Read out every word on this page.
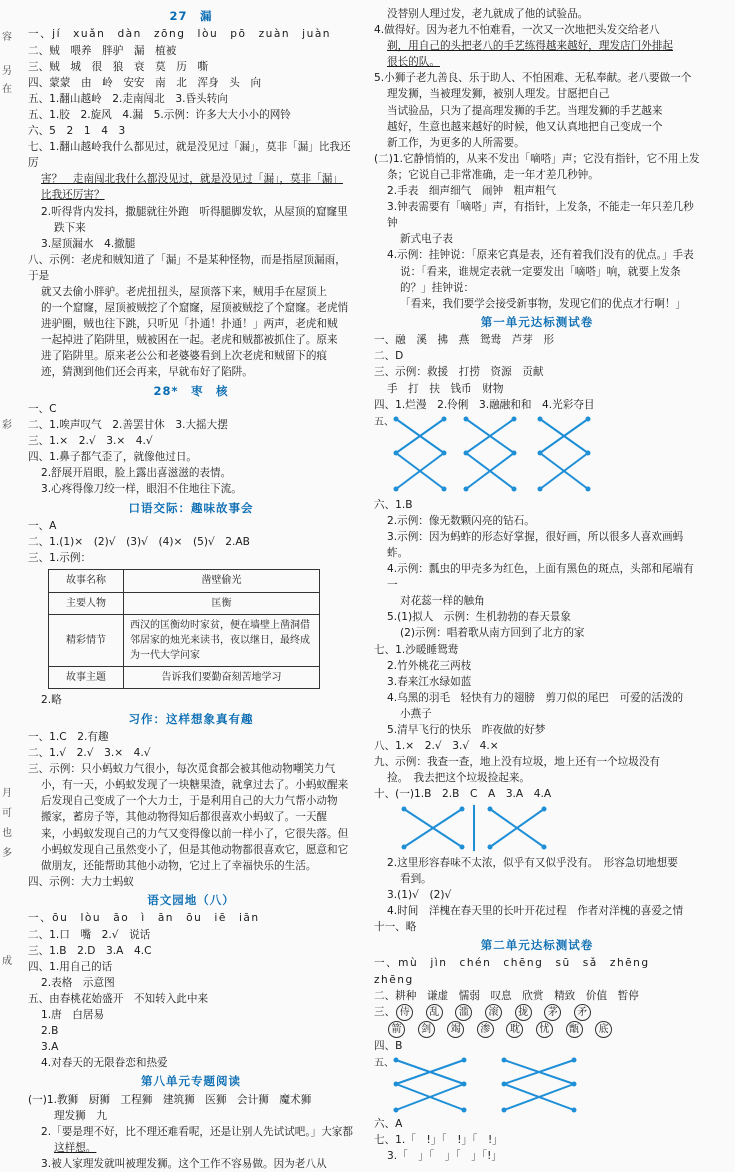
容
另
在
彩
月
可
也
多
成
27　漏
一、jí　xuǎn　dàn　zōng　lòu　pō　zuàn　juàn
二、贼　喂养　胖驴　漏　植被
三、贼　城　很　狼　衰　莫　历　嘶
四、蒙蒙　由　岭　安安　南　北　浑身　头　向
五、1.翻山越岭　2.走南闯北　3.昏头转向
五、1.胶　2.旋风　4.漏　5.示例：许多大大小小的网铃
六、5　2　1　4　3
七、1.翻山越岭我什么都见过，就是没见过「漏」，莫非「漏」比我还厉
害？　走南闯北我什么都没见过，就是没见过「漏」，莫非「漏」
比我还厉害？
2.听得背内发抖，撒腿就往外跑　听得腿脚发软，从屋顶的窟窿里
跌下来
3.屋顶漏水　4.撤腿
八、示例：老虎和贼知道了「漏」不是某种怪物，而是指屋顶漏雨，于是
就又去偷小胖驴。老虎扭扭头，屋顶落下来，贼用手在屋顶上
的一个窟窿，屋顶被贼挖了个窟窿，屋顶被贼挖了个窟窿。老虎悄
进驴圈，贼也往下跳，只听见「扑通！扑通！」两声，老虎和贼
一起掉进了陷阱里，贼被困在一起。老虎和贼都被抓住了。原来
进了陷阱里。原来老公公和老婆婆看到上次老虎和贼留下的痕
迹，猜测到他们还会再来，早就布好了陷阱。
28*　枣　核
一、C
二、1.唉声叹气　2.善罢甘休　3.大摇大摆
三、1.×　2.√　3.×　4.√
四、1.鼻子都气歪了，就像他过日。
2.舒展开眉眼，脸上露出喜滋滋的表情。
3.心疼得像刀绞一样，眼泪不住地往下流。
口语交际：趣味故事会
一、A
二、1.(1)×　(2)√　(3)√　(4)×　(5)√　2.AB
三、1.示例：
故事名称	凿壁偷光
主要人物	匡衡
精彩情节	西汉的匡衡幼时家贫，便在墙壁上凿洞借邻居家的烛光来读书，夜以继日，最终成为一代大学问家
故事主题	告诉我们要勤奋刻苦地学习
2.略
习作：这样想象真有趣
一、1.C　2.有趣
二、1.√　2.√　3.×　4.√
三、示例：只小蚂蚁力气很小，每次觅食都会被其他动物嘲笑力气
小，有一天，小蚂蚁发现了一块糖果渣，就拿过去了。小蚂蚁醒来
后发现自己变成了一个大力士，于是利用自己的大力气帮小动物
搬家，蓄房子等，其他动物得知后都很喜欢小蚂蚁了。一天醒
来，小蚂蚁发现自己的力气又变得像以前一样小了，它很失落。但
小蚂蚁发现自己虽然变小了，但是其他动物都很喜欢它，愿意和它
做朋友，还能帮助其他小动物，它过上了幸福快乐的生活。
四、示例：大力士蚂蚁
语文园地（八）
一、ōu　lòu　āo　ì　ān　ōu　iē　iān
二、1.口　嘴　2.√　说话
三、1.B　2.D　3.A　4.C
四、1.用自己的话
2.表格　示意图
五、由春桃花始盛开　不知转入此中来
1.唐　白居易
2.B
3.A
4.对春天的无限眷恋和热爱
第八单元专题阅读
(一)1.教狮　厨狮　工程狮　建筑狮　医狮　会计狮　魔术狮
理发狮　九
2.「要是理不好，比不理还难看呢，还是让别人先试试吧。」大家都
这样想。
3.被人家理发就叫被理发狮。这个工作不容易做。因为老八从
没替别人理过发，老九就成了他的试验品。
4.做得好。因为老九不怕难看，一次又一次地把头发交给老八
剃，用自己的头把老八的手艺练得越来越好，理发店门外排起
很长的队。
5.小狮子老九善良、乐于助人、不怕困难、无私奉献。老八要做一个
理发狮，当被理发狮，被别人理发。甘愿把自己
当试验品，只为了提高理发狮的手艺。当理发狮的手艺越来
越好，生意也越来越好的时候，他又认真地把自己变成一个
新工作，为更多的人所需要。
(二)1.它静悄悄的，从来不发出「嘀嗒」声；它没有指针，它不用上发
条；它说自己非常准确，走一年才差几秒钟。
2.手表　细声细气　闹钟　粗声粗气
3.钟表需要有「嘀嗒」声，有指针，上发条，不能走一年只差几秒钟
新式电子表
4.示例：挂钟说：「原来它真是表，还有着我们没有的优点。」手表
说：「看来，谁规定表就一定要发出「嘀嗒」响，就要上发条的？」挂钟说：
「看来，我们要学会接受新事物，发现它们的优点才行啊！」
第一单元达标测试卷
一、融　溪　拂　燕　鸳鸯　芦芽　形
二、D
三、示例：救援　打捞　资源　贡献
手　打　扶　钱币　财物
四、1.烂漫　2.伶俐　3.融融和和　4.光彩夺目
五、
六、1.B
2.示例：像无数颗闪亮的钻石。
3.示例：因为蚂蚱的形态好掌握，很好画，所以很多人喜欢画蚂蚱。
4.示例：瓢虫的甲壳多为红色，上面有黑色的斑点，头部和尾端有一
对花蕊一样的触角
5.(1)拟人　示例：生机勃勃的春天景象
(2)示例：唱着歌从南方回到了北方的家
七、1.沙暖睡鸳鸯
2.竹外桃花三两枝
3.春来江水绿如蓝
4.乌黑的羽毛　轻快有力的翅膀　剪刀似的尾巴　可爱的活泼的
小燕子
5.清早飞行的快乐　昨夜做的好梦
八、1.×　2.√　3.√　4.×
九、示例：我查一查，地上没有垃圾，地上还有一个垃圾没有
捡。　我去把这个垃圾捡起来。
十、(一)1.B　2.B　C　A　3.A　4.A
2.这里形容春味不太浓，似乎有又似乎没有。　形容急切地想要
看到。
3.(1)√　(2)√
4.时间　洋槐在春天里的长叶开花过程　作者对洋槐的喜爱之情
十一、略
第二单元达标测试卷
一、mù　jìn　chén　chēng　sū　sǎ　zhēng　zhēng
二、耕种　谦虚　懦弱　叹息　欣赏　精致　价值　暂停
三、 侍　 乱　 滥　 滚　 拢　 茅　 矛
箭　 剑　 竭　 渗　 耽　 忧　 甑　 底
四、B
五、
六、A
七、1.「　!」「　!」「　!」
3.「　」「　」「　」「!」
